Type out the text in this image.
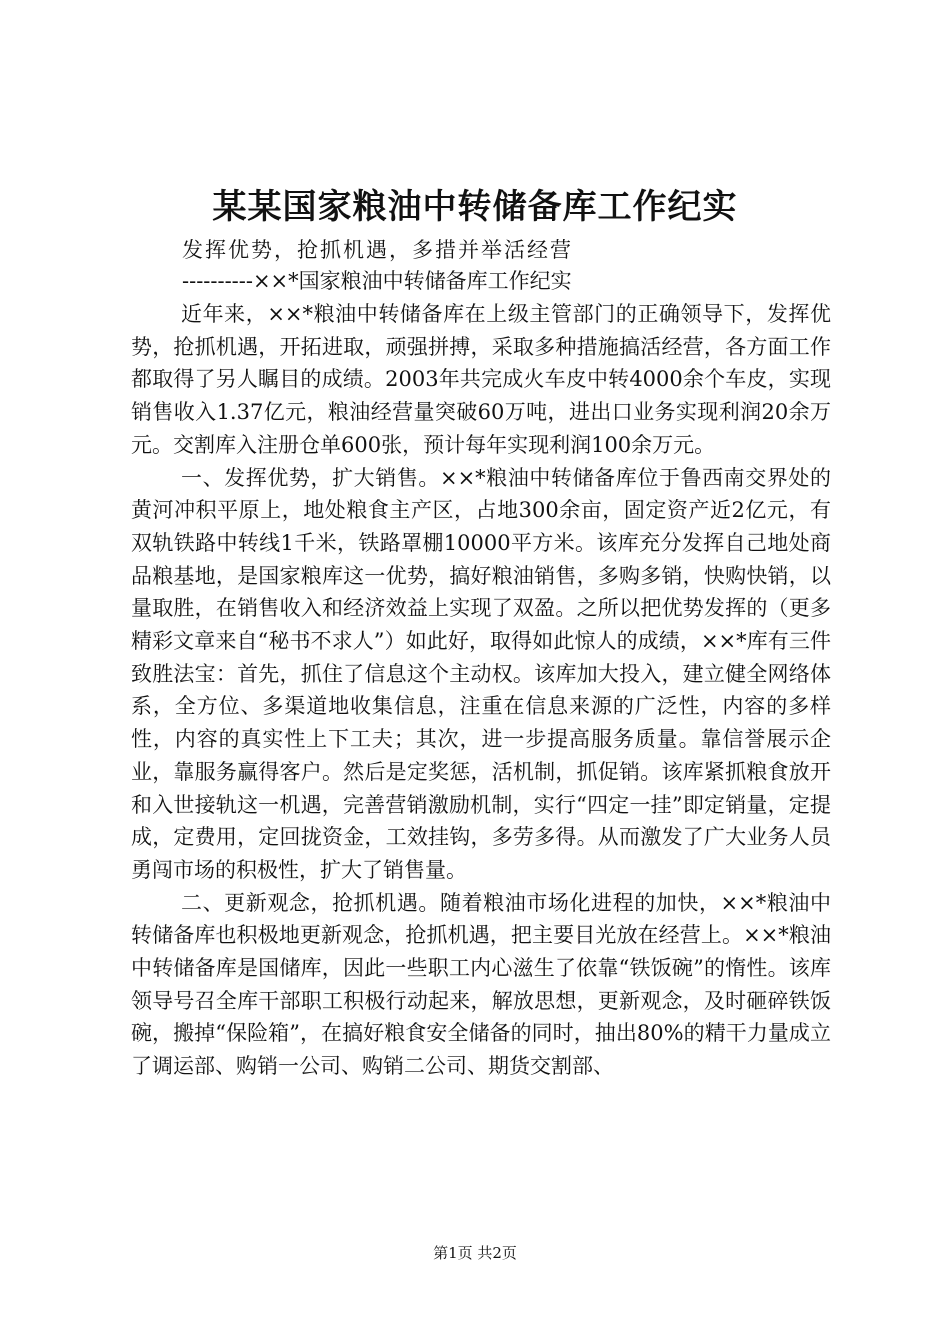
某某国家粮油中转储备库工作纪实
发挥优势，抢抓机遇，多措并举活经营
----------××*国家粮油中转储备库工作纪实

近年来，××*粮油中转储备库在上级主管部门的正确领导下，发挥优势，抢抓机遇，开拓进取，顽强拼搏，采取多种措施搞活经营，各方面工作都取得了另人瞩目的成绩。2003年共完成火车皮中转4000余个车皮，实现销售收入1.37亿元，粮油经营量突破60万吨，进出口业务实现利润20余万元。交割库入注册仓单600张，预计每年实现利润100余万元。

一、发挥优势，扩大销售。××*粮油中转储备库位于鲁西南交界处的黄河冲积平原上，地处粮食主产区，占地300余亩，固定资产近2亿元，有双轨铁路中转线1千米，铁路罩棚10000平方米。该库充分发挥自己地处商品粮基地，是国家粮库这一优势，搞好粮油销售，多购多销，快购快销，以量取胜，在销售收入和经济效益上实现了双盈。之所以把优势发挥的（更多精彩文章来自“秘书不求人”）如此好，取得如此惊人的成绩，××*库有三件致胜法宝：首先，抓住了信息这个主动权。该库加大投入，建立健全网络体系，全方位、多渠道地收集信息，注重在信息来源的广泛性，内容的多样性，内容的真实性上下工夫；其次，进一步提高服务质量。靠信誉展示企业，靠服务赢得客户。然后是定奖惩，活机制，抓促销。该库紧抓粮食放开和入世接轨这一机遇，完善营销激励机制，实行“四定一挂”即定销量，定提成，定费用，定回拢资金，工效挂钩，多劳多得。从而激发了广大业务人员勇闯市场的积极性，扩大了销售量。

二、更新观念，抢抓机遇。随着粮油市场化进程的加快，××*粮油中转储备库也积极地更新观念，抢抓机遇，把主要目光放在经营上。××*粮油中转储备库是国储库，因此一些职工内心滋生了依靠“铁饭碗”的惰性。该库领导号召全库干部职工积极行动起来，解放思想，更新观念，及时砸碎铁饭碗，搬掉“保险箱”，在搞好粮食安全储备的同时，抽出80%的精干力量成立了调运部、购销一公司、购销二公司、期货交割部、

第1页 共2页
